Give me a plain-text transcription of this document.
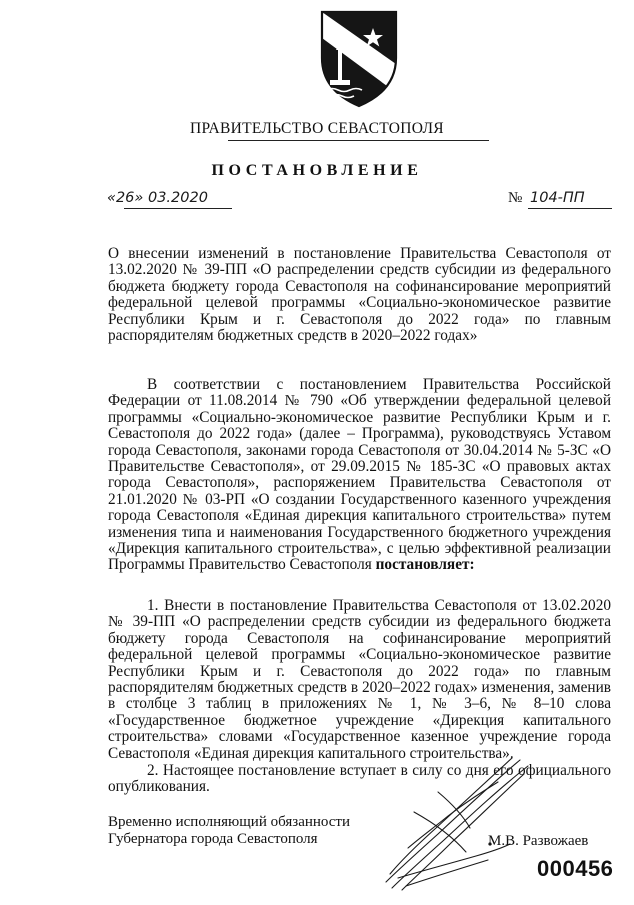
ПРАВИТЕЛЬСТВО СЕВАСТОПОЛЯ
ПОСТАНОВЛЕНИЕ
«26» 03.2020	№ 104-ПП
О внесении изменений в постановление Правительства Севастополя от 13.02.2020 № 39-ПП «О распределении средств субсидии из федерального бюджета бюджету города Севастополя на софинансирование мероприятий федеральной целевой программы «Социально-экономическое развитие Республики Крым и г. Севастополя до 2022 года» по главным распорядителям бюджетных средств в 2020–2022 годах»
В соответствии с постановлением Правительства Российской Федерации от 11.08.2014 № 790 «Об утверждении федеральной целевой программы «Социально-экономическое развитие Республики Крым и г. Севастополя до 2022 года» (далее – Программа), руководствуясь Уставом города Севастополя, законами города Севастополя от 30.04.2014 № 5-ЗС «О Правительстве Севастополя», от 29.09.2015 № 185-ЗС «О правовых актах города Севастополя», распоряжением Правительства Севастополя от 21.01.2020 № 03-РП «О создании Государственного казенного учреждения города Севастополя «Единая дирекция капитального строительства» путем изменения типа и наименования Государственного бюджетного учреждения «Дирекция капитального строительства», с целью эффективной реализации Программы Правительство Севастополя постановляет:
1. Внести в постановление Правительства Севастополя от 13.02.2020 № 39-ПП «О распределении средств субсидии из федерального бюджета бюджету города Севастополя на софинансирование мероприятий федеральной целевой программы «Социально-экономическое развитие Республики Крым и г. Севастополя до 2022 года» по главным распорядителям бюджетных средств в 2020–2022 годах» изменения, заменив в столбце 3 таблиц в приложениях № 1, № 3–6, № 8–10 слова «Государственное бюджетное учреждение «Дирекция капитального строительства» словами «Государственное казенное учреждение города Севастополя «Единая дирекция капитального строительства».
2. Настоящее постановление вступает в силу со дня его официального опубликования.
Временно исполняющий обязанности
Губернатора города Севастополя	М.В. Развожаев
000456
